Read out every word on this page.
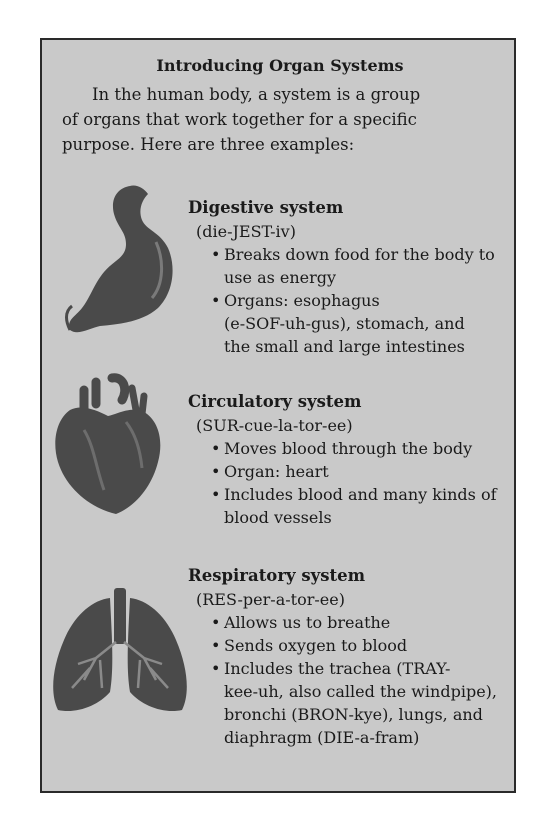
Introducing Organ Systems

In the human body, a system is a group
of organs that work together for a specific
purpose. Here are three examples:

Digestive system
(die-JEST-iv)
• Breaks down food for the body to
use as energy
• Organs: esophagus
(e-SOF-uh-gus), stomach, and
the small and large intestines
Circulatory system
(SUR-cue-la-tor-ee)
• Moves blood through the body
• Organ: heart
• Includes blood and many kinds of
blood vessels
Respiratory system
(RES-per-a-tor-ee)
• Allows us to breathe
• Sends oxygen to blood
• Includes the trachea (TRAY-
kee-uh, also called the windpipe),
bronchi (BRON-kye), lungs, and
diaphragm (DIE-a-fram)
